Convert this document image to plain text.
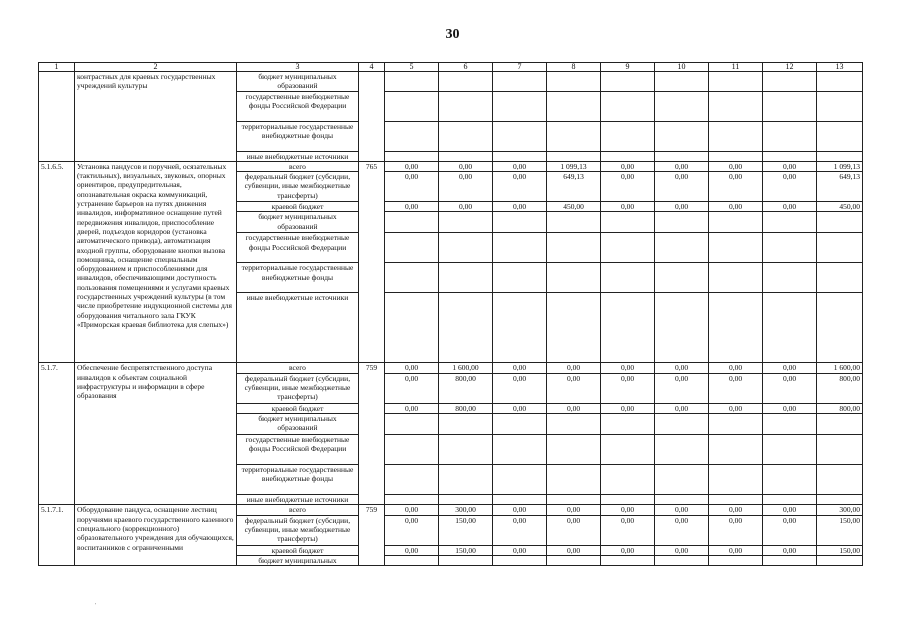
30
1	2	3	4	5	6	7	8	9	10	11	12	13
	контрастных для краевых государственных учреждений культуры	бюджет муниципальных образований										
		государственные внебюджетные фонды Российской Федерации										
		территориальные государственные внебюджетные фонды										
		иные внебюджетные источники										
5.1.6.5.	Установка пандусов и поручней, осязательных (тактильных), визуальных, звуковых, опорных ориентиров, предупредительная, опознавательная окраска коммуникаций, устранение барьеров на путях движения инвалидов, информативное оснащение путей передвижения инвалидов, приспособление дверей, подъездов коридоров (установка автоматического привода), автоматизация входной группы, оборудование кнопки вызова помощника, оснащение специальным оборудованием и приспособлениями для инвалидов, обеспечивающими доступность пользования помещениями и услугами краевых государственных учреждений культуры (в том числе приобретение индукционной системы для оборудования читального зала ГКУК «Приморская краевая библиотека для слепых»)	всего	765	0,00	0,00	0,00	1 099,13	0,00	0,00	0,00	0,00	1 099,13
		федеральный бюджет (субсидии, субвенции, иные межбюджетные трансферты)		0,00	0,00	0,00	649,13	0,00	0,00	0,00	0,00	649,13
		краевой бюджет		0,00	0,00	0,00	450,00	0,00	0,00	0,00	0,00	450,00
		бюджет муниципальных образований										
		государственные внебюджетные фонды Российской Федерации										
		территориальные государственные внебюджетные фонды										
		иные внебюджетные источники										
5.1.7.	Обеспечение беспрепятственного доступа инвалидов к объектам социальной инфраструктуры и информации в сфере образования	всего	759	0,00	1 600,00	0,00	0,00	0,00	0,00	0,00	0,00	1 600,00
		федеральный бюджет (субсидии, субвенции, иные межбюджетные трансферты)		0,00	800,00	0,00	0,00	0,00	0,00	0,00	0,00	800,00
		краевой бюджет		0,00	800,00	0,00	0,00	0,00	0,00	0,00	0,00	800,00
		бюджет муниципальных образований										
		государственные внебюджетные фонды Российской Федерации										
		территориальные государственные внебюджетные фонды										
		иные внебюджетные источники										
5.1.7.1.	Оборудование пандуса, оснащение лестниц поручнями краевого государственного казенного специального (коррекционного) образовательного учреждения для обучающихся, воспитанников с ограниченными	всего	759	0,00	300,00	0,00	0,00	0,00	0,00	0,00	0,00	300,00
		федеральный бюджет (субсидии, субвенции, иные межбюджетные трансферты)		0,00	150,00	0,00	0,00	0,00	0,00	0,00	0,00	150,00
		краевой бюджет		0,00	150,00	0,00	0,00	0,00	0,00	0,00	0,00	150,00
		бюджет муниципальных										
'
